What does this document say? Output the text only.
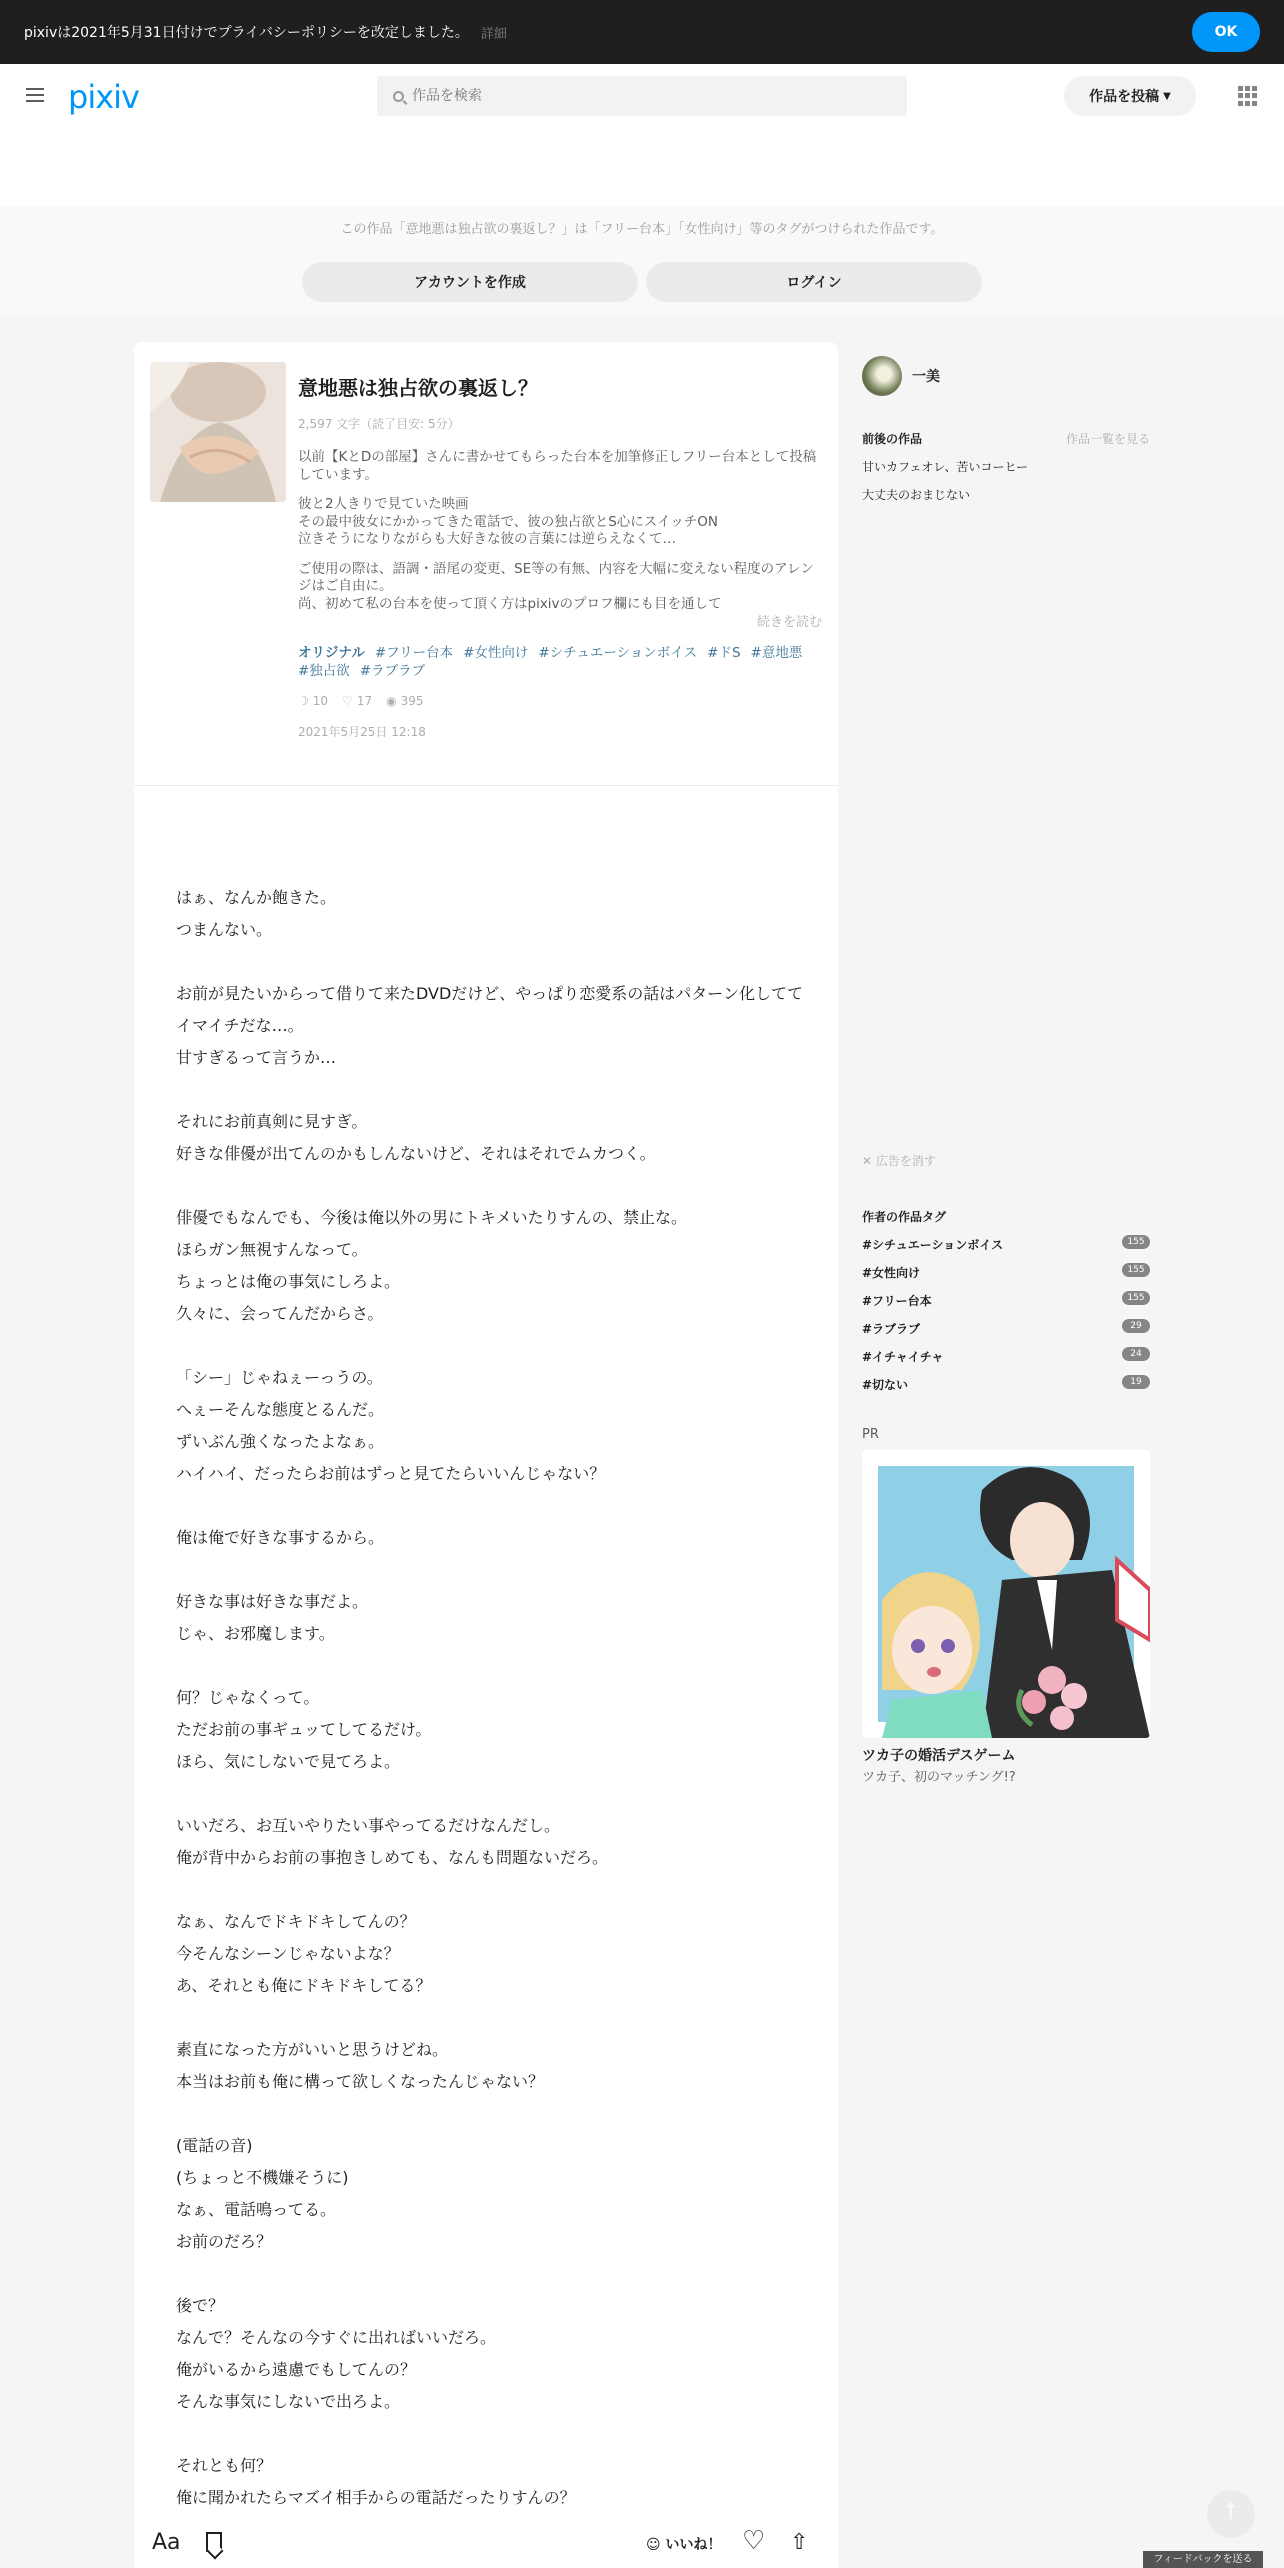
pixivは2021年5月31日付けでプライバシーポリシーを改定しました。 詳細	OK
pixiv
作品を検索	作品を投稿 ▼
この作品「意地悪は独占欲の裏返し？」は「フリー台本」「女性向け」等のタグがつけられた作品です。
アカウントを作成	ログイン
意地悪は独占欲の裏返し？
2,597 文字（読了目安: 5分）

以前【KとDの部屋】さんに書かせてもらった台本を加筆修正しフリー台本として投稿しています。

彼と2人きりで見ていた映画
その最中彼女にかかってきた電話で、彼の独占欲とS心にスイッチON
泣きそうになりながらも大好きな彼の言葉には逆らえなくて…

ご使用の際は、語調・語尾の変更、SE等の有無、内容を大幅に変えない程度のアレンジはご自由に。
尚、初めて私の台本を使って頂く方はpixivのプロフ欄にも目を通して

続きを読む
オリジナル #フリー台本 #女性向け #シチュエーションボイス #ドS #意地悪#独占欲 #ラブラブ
☽ 10 ♡ 17 ◉ 395
2021年5月25日 12:18
はぁ、なんか飽きた。
つまんない。
お前が見たいからって借りて来たDVDだけど、やっぱり恋愛系の話はパターン化しててイマイチだな…。
甘すぎるって言うか…
それにお前真剣に見すぎ。
好きな俳優が出てんのかもしんないけど、それはそれでムカつく。
俳優でもなんでも、今後は俺以外の男にトキメいたりすんの、禁止な。
ほらガン無視すんなって。
ちょっとは俺の事気にしろよ。
久々に、会ってんだからさ。
「シー」じゃねぇーっうの。
へぇーそんな態度とるんだ。
ずいぶん強くなったよなぁ。
ハイハイ、だったらお前はずっと見てたらいいんじゃない？
俺は俺で好きな事するから。
好きな事は好きな事だよ。
じゃ、お邪魔します。
何？じゃなくって。
ただお前の事ギュッてしてるだけ。
ほら、気にしないで見てろよ。
いいだろ、お互いやりたい事やってるだけなんだし。
俺が背中からお前の事抱きしめても、なんも問題ないだろ。
なぁ、なんでドキドキしてんの？
今そんなシーンじゃないよな？
あ、それとも俺にドキドキしてる？
素直になった方がいいと思うけどね。
本当はお前も俺に構って欲しくなったんじゃない？
(電話の音)
(ちょっと不機嫌そうに)
なぁ、電話鳴ってる。
お前のだろ？
後で？
なんで？そんなの今すぐに出ればいいだろ。
俺がいるから遠慮でもしてんの？
そんな事気にしないで出ろよ。
それとも何？
俺に聞かれたらマズイ相手からの電話だったりすんの？
Aa	☺ いいね！ ♡ ⇧
一美
前後の作品	作品一覧を見る
甘いカフェオレ、苦いコーヒー
大丈夫のおまじない
✕ 広告を消す
作者の作品タグ
#シチュエーションボイス	155
#女性向け	155
#フリー台本	155
#ラブラブ	29
#イチャイチャ	24
#切ない	19
PR
ツカ子の婚活デスゲーム
ツカ子、初のマッチング!?
↑
フィードバックを送る
